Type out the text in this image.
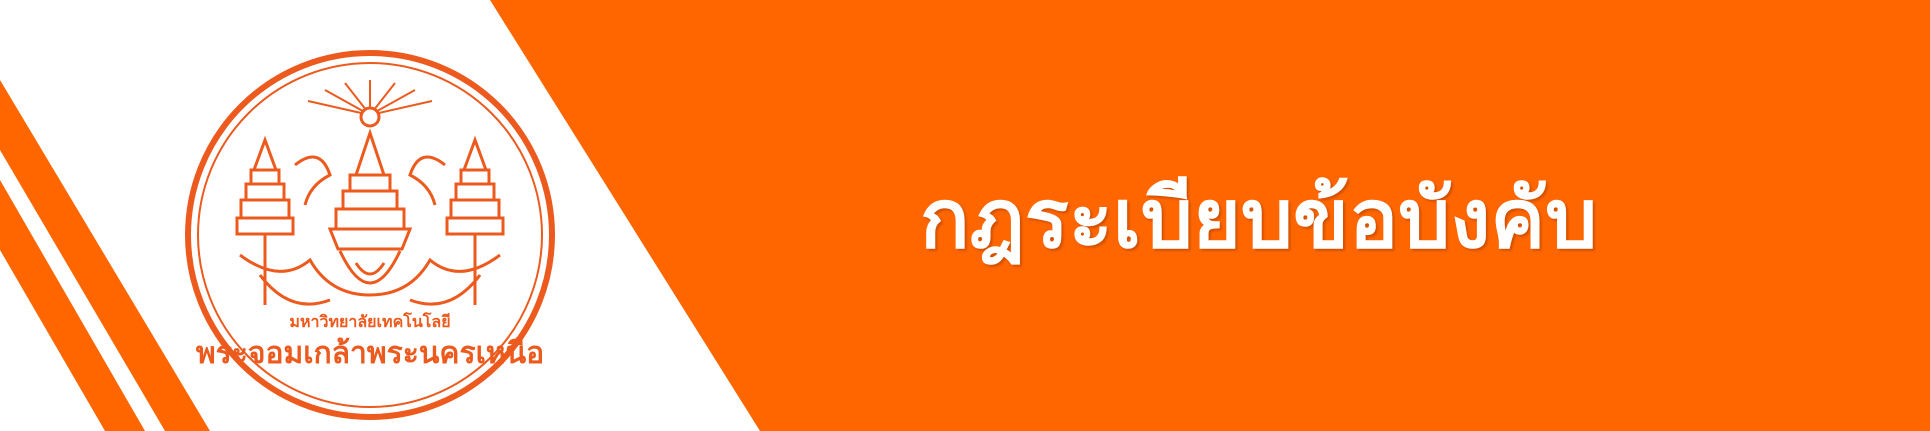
มหาวิทยาลัยเทคโนโลยี
พระจอมเกล้าพระนครเหนือ
กฎระเบียบข้อบังคับ
